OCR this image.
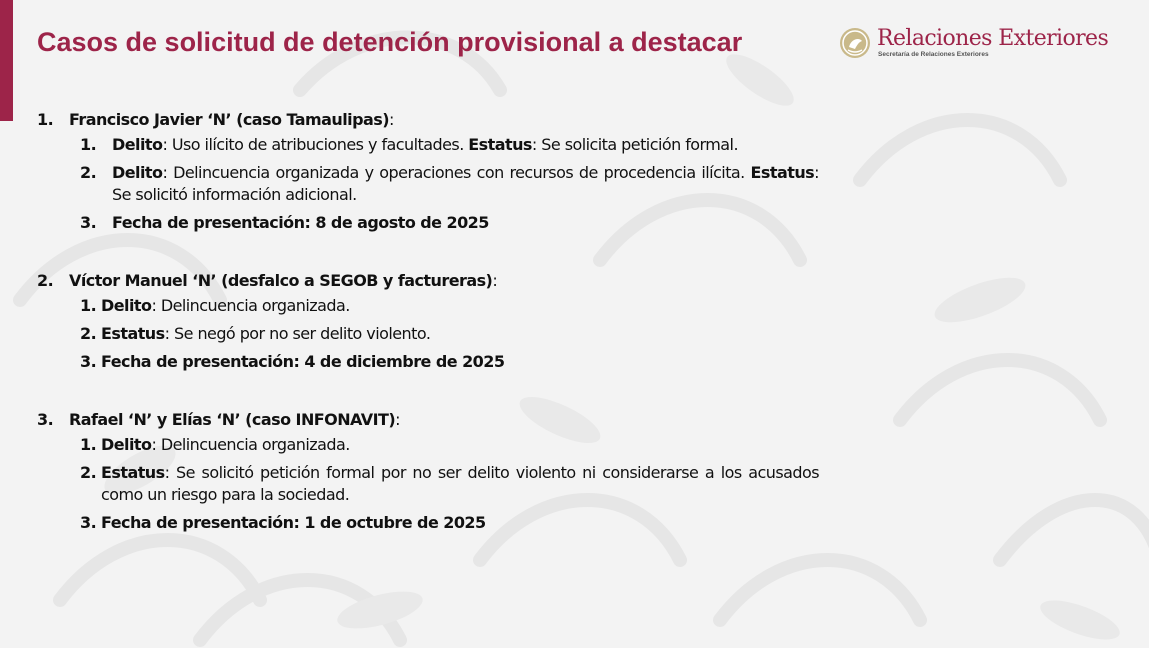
Casos de solicitud de detención provisional a destacar	Relaciones Exteriores
Secretaría de Relaciones Exteriores
1. Francisco Javier ‘N’ (caso Tamaulipas):
1. Delito: Uso ilícito de atribuciones y facultades. Estatus: Se solicita petición formal.
2. Delito: Delincuencia organizada y operaciones con recursos de procedencia ilícita. Estatus: Se solicitó información adicional.
3. Fecha de presentación: 8 de agosto de 2025
2. Víctor Manuel ‘N’ (desfalco a SEGOB y factureras):
1. Delito: Delincuencia organizada.
2. Estatus: Se negó por no ser delito violento.
3. Fecha de presentación: 4 de diciembre de 2025
3. Rafael ‘N’ y Elías ‘N’ (caso INFONAVIT):
1. Delito: Delincuencia organizada.
2. Estatus: Se solicitó petición formal por no ser delito violento ni considerarse a los acusados como un riesgo para la sociedad.
3. Fecha de presentación: 1 de octubre de 2025
